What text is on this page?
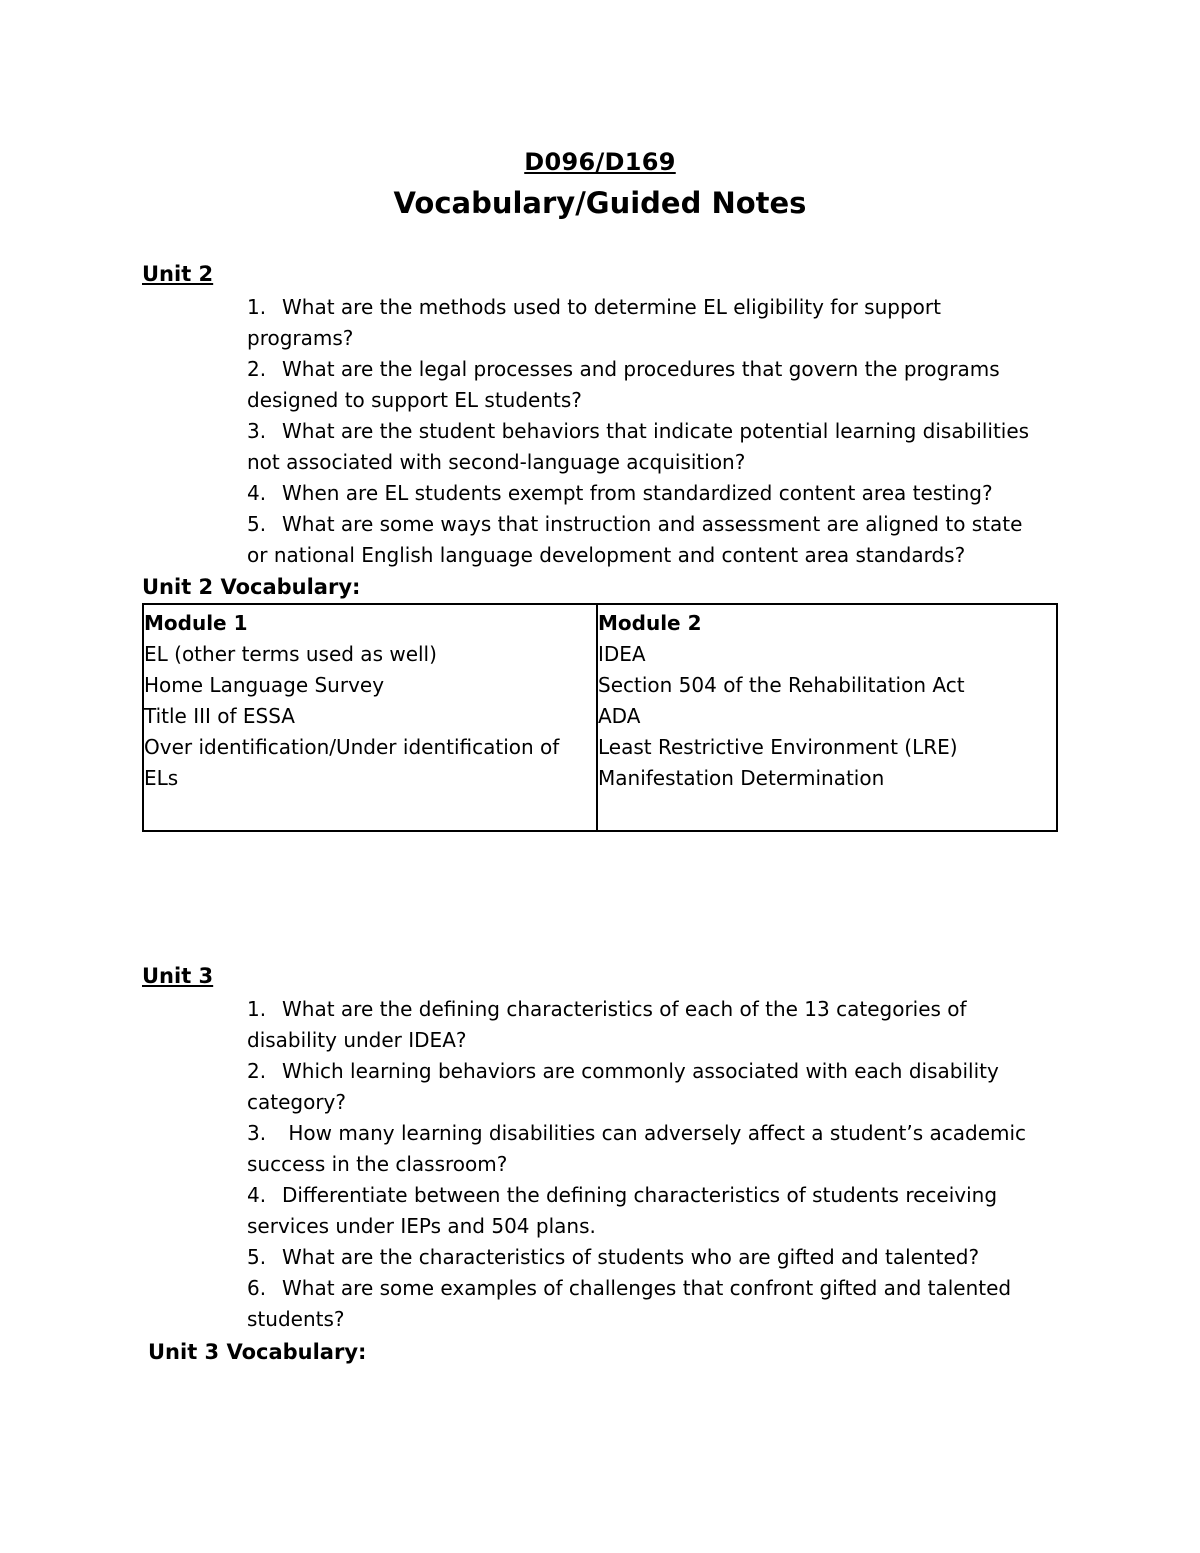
D096/D169
Vocabulary/Guided Notes
Unit 2
1. What are the methods used to determine EL eligibility for support
programs?
2. What are the legal processes and procedures that govern the programs
designed to support EL students?
3. What are the student behaviors that indicate potential learning disabilities
not associated with second-language acquisition?
4. When are EL students exempt from standardized content area testing?
5. What are some ways that instruction and assessment are aligned to state
or national English language development and content area standards?
Unit 2 Vocabulary:
Module 1
EL (other terms used as well)
Home Language Survey
Title III of ESSA
Over identification/Under identification of
ELs
Module 2
IDEA
Section 504 of the Rehabilitation Act
ADA
Least Restrictive Environment (LRE)
Manifestation Determination
Unit 3
1. What are the defining characteristics of each of the 13 categories of
disability under IDEA?
2. Which learning behaviors are commonly associated with each disability
category?
3. How many learning disabilities can adversely affect a student’s academic
success in the classroom?
4. Differentiate between the defining characteristics of students receiving
services under IEPs and 504 plans.
5. What are the characteristics of students who are gifted and talented?
6. What are some examples of challenges that confront gifted and talented
students?
Unit 3 Vocabulary:
